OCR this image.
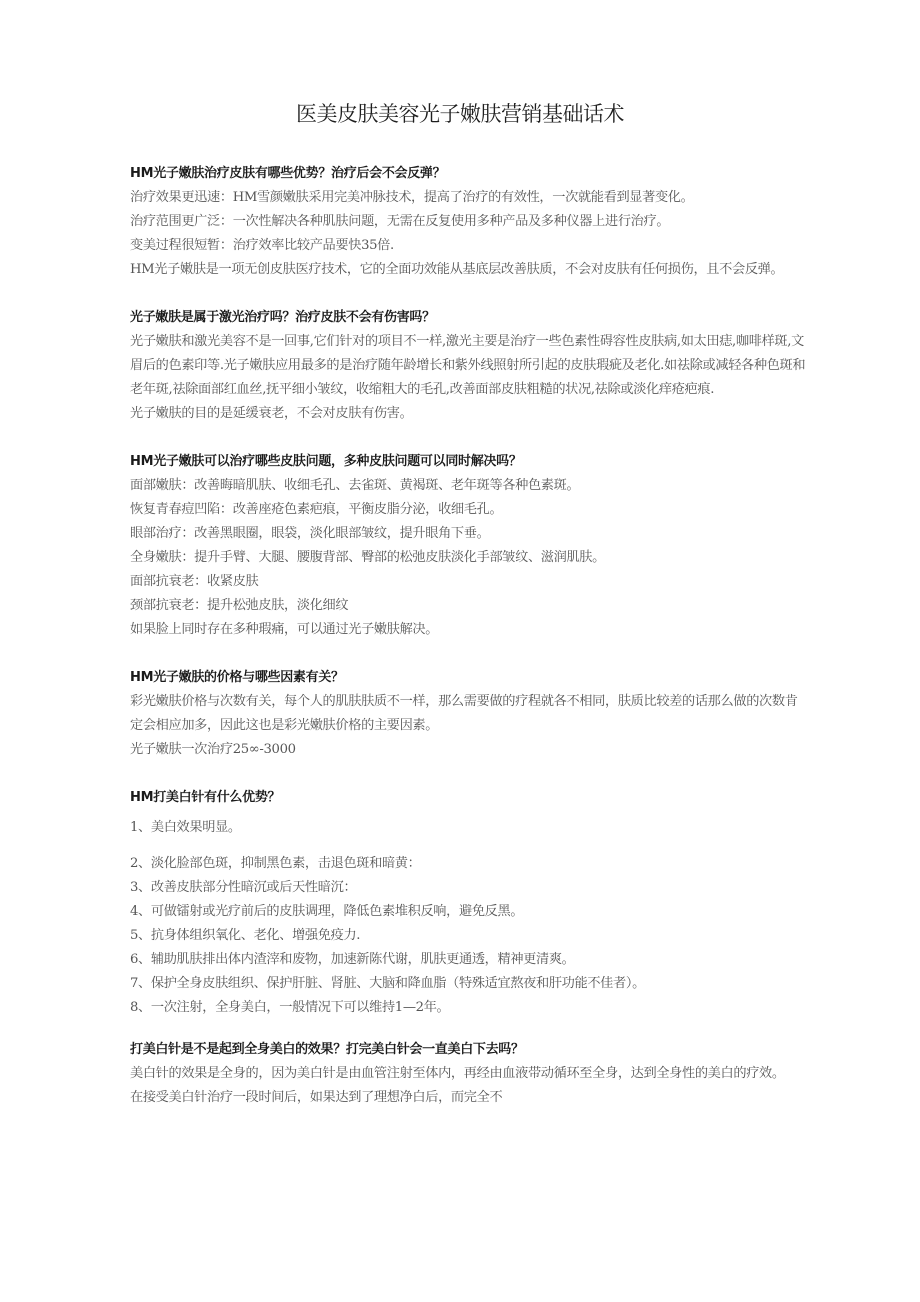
医美皮肤美容光子嫩肤营销基础话术

HM光子嫩肤治疗皮肤有哪些优势？治疗后会不会反弹？

治疗效果更迅速：HM雪颜嫩肤采用完美冲脉技术，提高了治疗的有效性，一次就能看到显著变化。

治疗范围更广泛：一次性解决各种肌肤问题，无需在反复使用多种产品及多种仪器上进行治疗。

变美过程很短暂：治疗效率比较产品要快35倍.

HM光子嫩肤是一项无创皮肤医疗技术，它的全面功效能从基底层改善肤质，不会对皮肤有任何损伤，且不会反弹。

光子嫩肤是属于激光治疗吗？治疗皮肤不会有伤害吗？

光子嫩肤和激光美容不是一回事,它们针对的项目不一样,激光主要是治疗一些色素性碍容性皮肤病,如太田痣,咖啡样斑,文眉后的色素印等.光子嫩肤应用最多的是治疗随年龄增长和紫外线照射所引起的皮肤瑕疵及老化.如祛除或减轻各种色斑和老年斑,祛除面部红血丝,抚平细小皱纹，收缩粗大的毛孔,改善面部皮肤粗糙的状况,祛除或淡化痒疮疤痕.

光子嫩肤的目的是延缓衰老，不会对皮肤有伤害。

HM光子嫩肤可以治疗哪些皮肤问题，多种皮肤问题可以同时解决吗？

面部嫩肤：改善晦暗肌肤、收细毛孔、去雀斑、黄褐斑、老年斑等各种色素斑。

恢复青春痘凹陷：改善座疮色素疤痕，平衡皮脂分泌，收细毛孔。

眼部治疗：改善黑眼圈，眼袋，淡化眼部皱纹，提升眼角下垂。

全身嫩肤：提升手臂、大腿、腰腹背部、臀部的松弛皮肤淡化手部皱纹、滋润肌肤。

面部抗衰老：收紧皮肤

颈部抗衰老：提升松弛皮肤，淡化细纹

如果脸上同时存在多种瑕痛，可以通过光子嫩肤解决。

HM光子嫩肤的价格与哪些因素有关？

彩光嫩肤价格与次数有关，每个人的肌肤肤质不一样，那么需要做的疗程就各不相同，肤质比较差的话那么做的次数肯定会相应加多，因此这也是彩光嫩肤价格的主要因素。

光子嫩肤一次治疗25∞-3000

HM打美白针有什么优势？

1、美白效果明显。

2、淡化脸部色斑，抑制黑色素，击退色斑和暗黄：

3、改善皮肤部分性暗沉或后天性暗沉：

4、可做镭射或光疗前后的皮肤调理，降低色素堆积反响，避免反黑。

5、抗身体组织氧化、老化、增强免疫力.

6、辅助肌肤排出体内渣滓和废物，加速新陈代谢，肌肤更通透，精神更清爽。

7、保护全身皮肤组织、保护肝脏、肾脏、大脑和降血脂（特殊适宜熬夜和肝功能不佳者）。

8、一次注射，全身美白，一般情况下可以维持1—2年。

打美白针是不是起到全身美白的效果？打完美白针会一直美白下去吗？

美白针的效果是全身的，因为美白针是由血管注射至体内，再经由血液带动循环至全身，达到全身性的美白的疗效。在接受美白针治疗一段时间后，如果达到了理想净白后，而完全不
